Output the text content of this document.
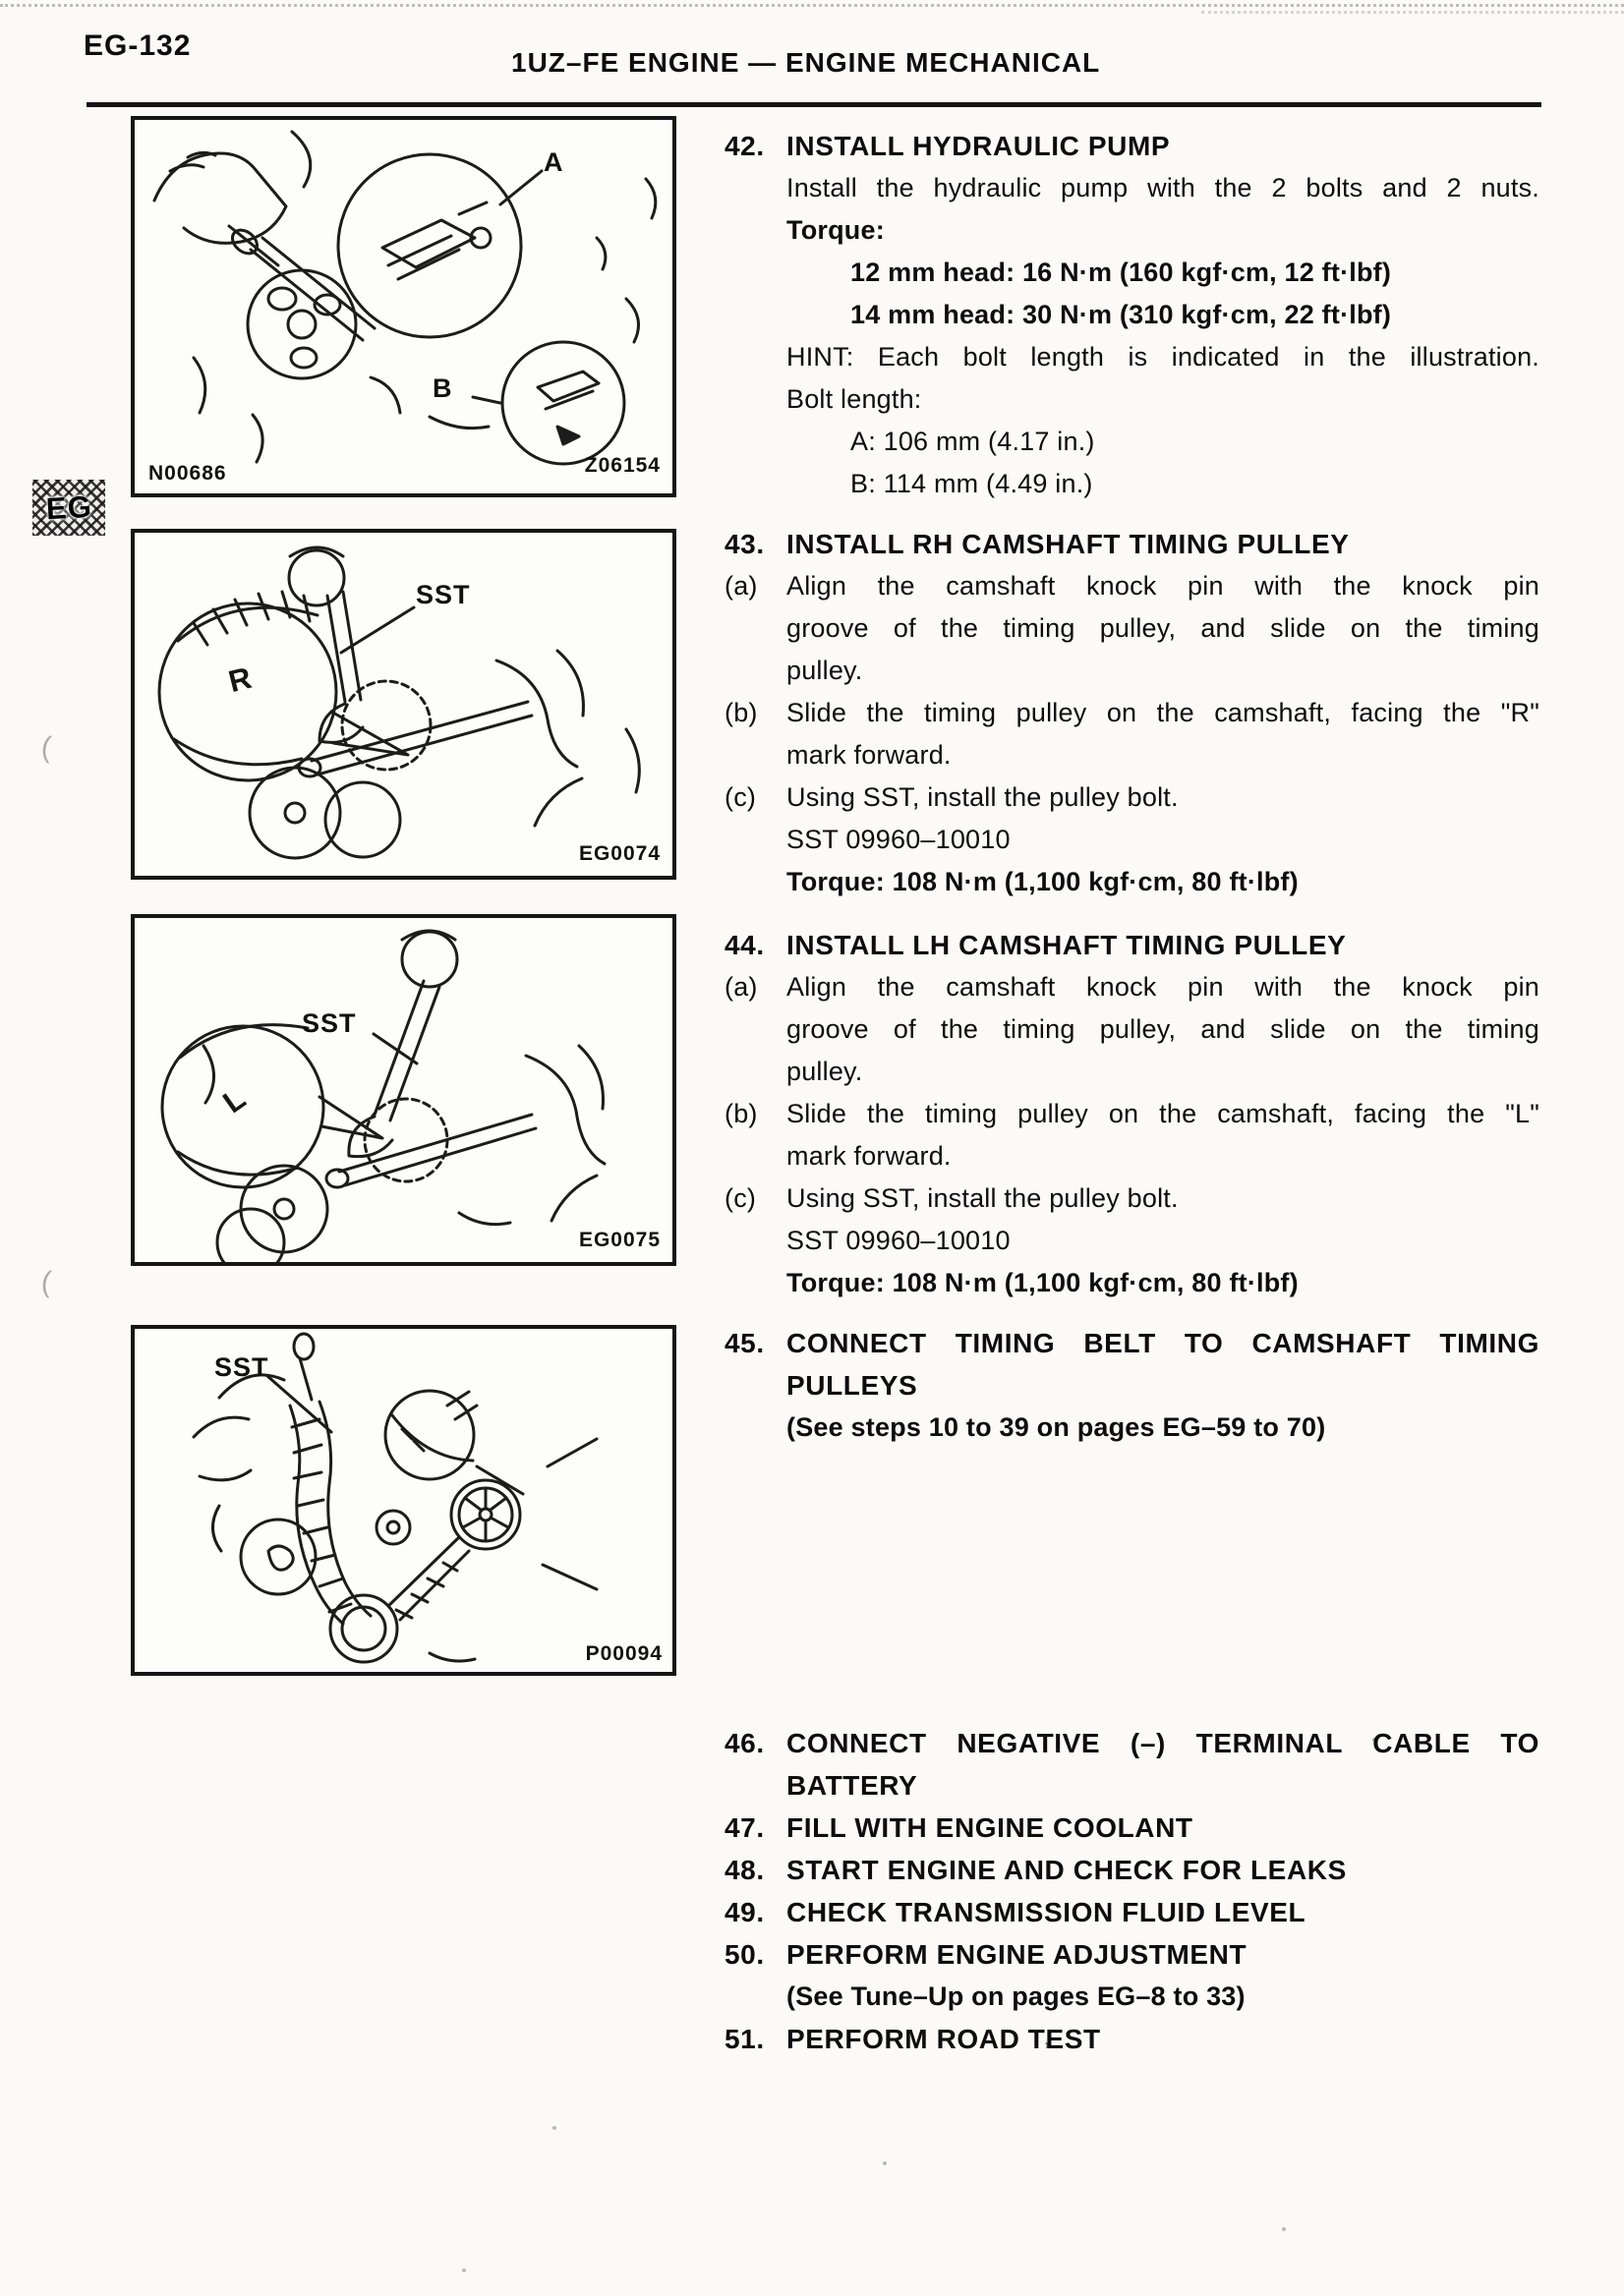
(
(
’
EG-132
1UZ–FE ENGINE — ENGINE MECHANICAL
EG
A
B
N00686	Z06154
SST
R
EG0074
SST
L
EG0075
SST
P00094
42. INSTALL HYDRAULIC PUMP
Install the hydraulic pump with the 2 bolts and 2 nuts.
Torque:
12 mm head: 16 N·m (160 kgf·cm, 12 ft·lbf)
14 mm head: 30 N·m (310 kgf·cm, 22 ft·lbf)
HINT: Each bolt length is indicated in the illustration.
Bolt length:
A: 106 mm (4.17 in.)
B: 114 mm (4.49 in.)
43. INSTALL RH CAMSHAFT TIMING PULLEY
(a) Align the camshaft knock pin with the knock pin
groove of the timing pulley, and slide on the timing
pulley.
(b) Slide the timing pulley on the camshaft, facing the "R"
mark forward.
(c) Using SST, install the pulley bolt.
SST 09960–10010
Torque: 108 N·m (1,100 kgf·cm, 80 ft·lbf)
44. INSTALL LH CAMSHAFT TIMING PULLEY
(a) Align the camshaft knock pin with the knock pin
groove of the timing pulley, and slide on the timing
pulley.
(b) Slide the timing pulley on the camshaft, facing the "L"
mark forward.
(c) Using SST, install the pulley bolt.
SST 09960–10010
Torque: 108 N·m (1,100 kgf·cm, 80 ft·lbf)
45. CONNECT TIMING BELT TO CAMSHAFT TIMING
PULLEYS
(See steps 10 to 39 on pages EG–59 to 70)
46. CONNECT NEGATIVE (–) TERMINAL CABLE TO
BATTERY
47. FILL WITH ENGINE COOLANT
48. START ENGINE AND CHECK FOR LEAKS
49. CHECK TRANSMISSION FLUID LEVEL
50. PERFORM ENGINE ADJUSTMENT
(See Tune–Up on pages EG–8 to 33)
51. PERFORM ROAD TEST
